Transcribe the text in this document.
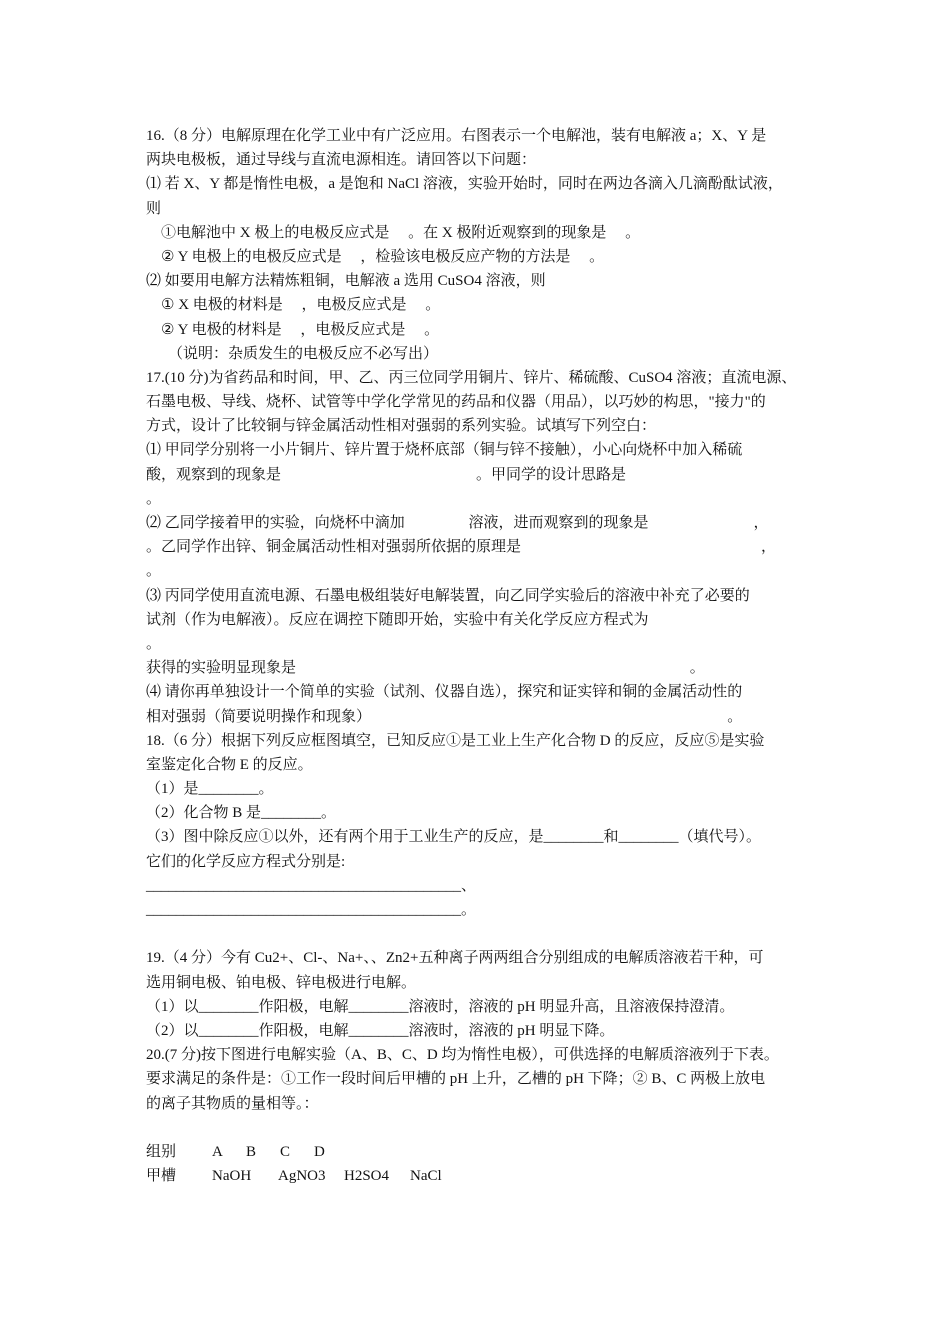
16.（8 分）电解原理在化学工业中有广泛应用。右图表示一个电解池，装有电解液 a；X、Y 是
两块电极板，通过导线与直流电源相连。请回答以下问题：
⑴ 若 X、Y 都是惰性电极，a 是饱和 NaCl 溶液，实验开始时，同时在两边各滴入几滴酚酞试液，
则
①电解池中 X 极上的电极反应式是　 。在 X 极附近观察到的现象是　 。
② Y 电极上的电极反应式是　 ，检验该电极反应产物的方法是　 。
⑵ 如要用电解方法精炼粗铜，电解液 a 选用 CuSO4 溶液，则
① X 电极的材料是　 ，电极反应式是　 。
② Y 电极的材料是　 ，电极反应式是　 。
（说明：杂质发生的电极反应不必写出）
17.(10 分)为省药品和时间，甲、乙、丙三位同学用铜片、锌片、稀硫酸、CuSO4 溶液；直流电源、
石墨电极、导线、烧杯、试管等中学化学常见的药品和仪器（用品），以巧妙的构思，"接力"的
方式，设计了比较铜与锌金属活动性相对强弱的系列实验。试填写下列空白：
⑴ 甲同学分别将一小片铜片、锌片置于烧杯底部（铜与锌不接触），小心向烧杯中加入稀硫
酸，观察到的现象是　　　　　　　　　　　　　。甲同学的设计思路是
。
⑵ 乙同学接着甲的实验，向烧杯中滴加　　　　 溶液，进而观察到的现象是　　　　　　　，
。乙同学作出锌、铜金属活动性相对强弱所依据的原理是　　　　　　　　　　　　　　　　，
。
⑶ 丙同学使用直流电源、石墨电极组装好电解装置，向乙同学实验后的溶液中补充了必要的
试剂（作为电解液）。反应在调控下随即开始，实验中有关化学反应方程式为
。
获得的实验明显现象是　　　　　　　　　　　　　　　　　　　　　　　　　　 。
⑷ 请你再单独设计一个简单的实验（试剂、仪器自选），探究和证实锌和铜的金属活动性的
相对强弱（简要说明操作和现象）　　　　　　　　　　　　　　　　　　　　　　　　 。
18.（6 分）根据下列反应框图填空，已知反应①是工业上生产化合物 D 的反应，反应⑤是实验
室鉴定化合物 E 的反应。
（1）是________。
（2）化合物 B 是________。
（3）图中除反应①以外，还有两个用于工业生产的反应，是________和________（填代号）。
它们的化学反应方程式分别是:
__________________________________________、
__________________________________________。
19.（4 分）今有 Cu2+、Cl-、Na+、、Zn2+五种离子两两组合分别组成的电解质溶液若干种，可
选用铜电极、铂电极、锌电极进行电解。
（1）以________作阳极，电解________溶液时，溶液的 pH 明显升高，且溶液保持澄清。
（2）以________作阳极，电解________溶液时，溶液的 pH 明显下降。
20.(7 分)按下图进行电解实验（A、B、C、D 均为惰性电极），可供选择的电解质溶液列于下表。
要求满足的条件是：①工作一段时间后甲槽的 pH 上升，乙槽的 pH 下降；② B、C 两极上放电
的离子其物质的量相等。：
组别	A	B	C	D
甲槽	NaOH	AgNO3	H2SO4	NaCl
